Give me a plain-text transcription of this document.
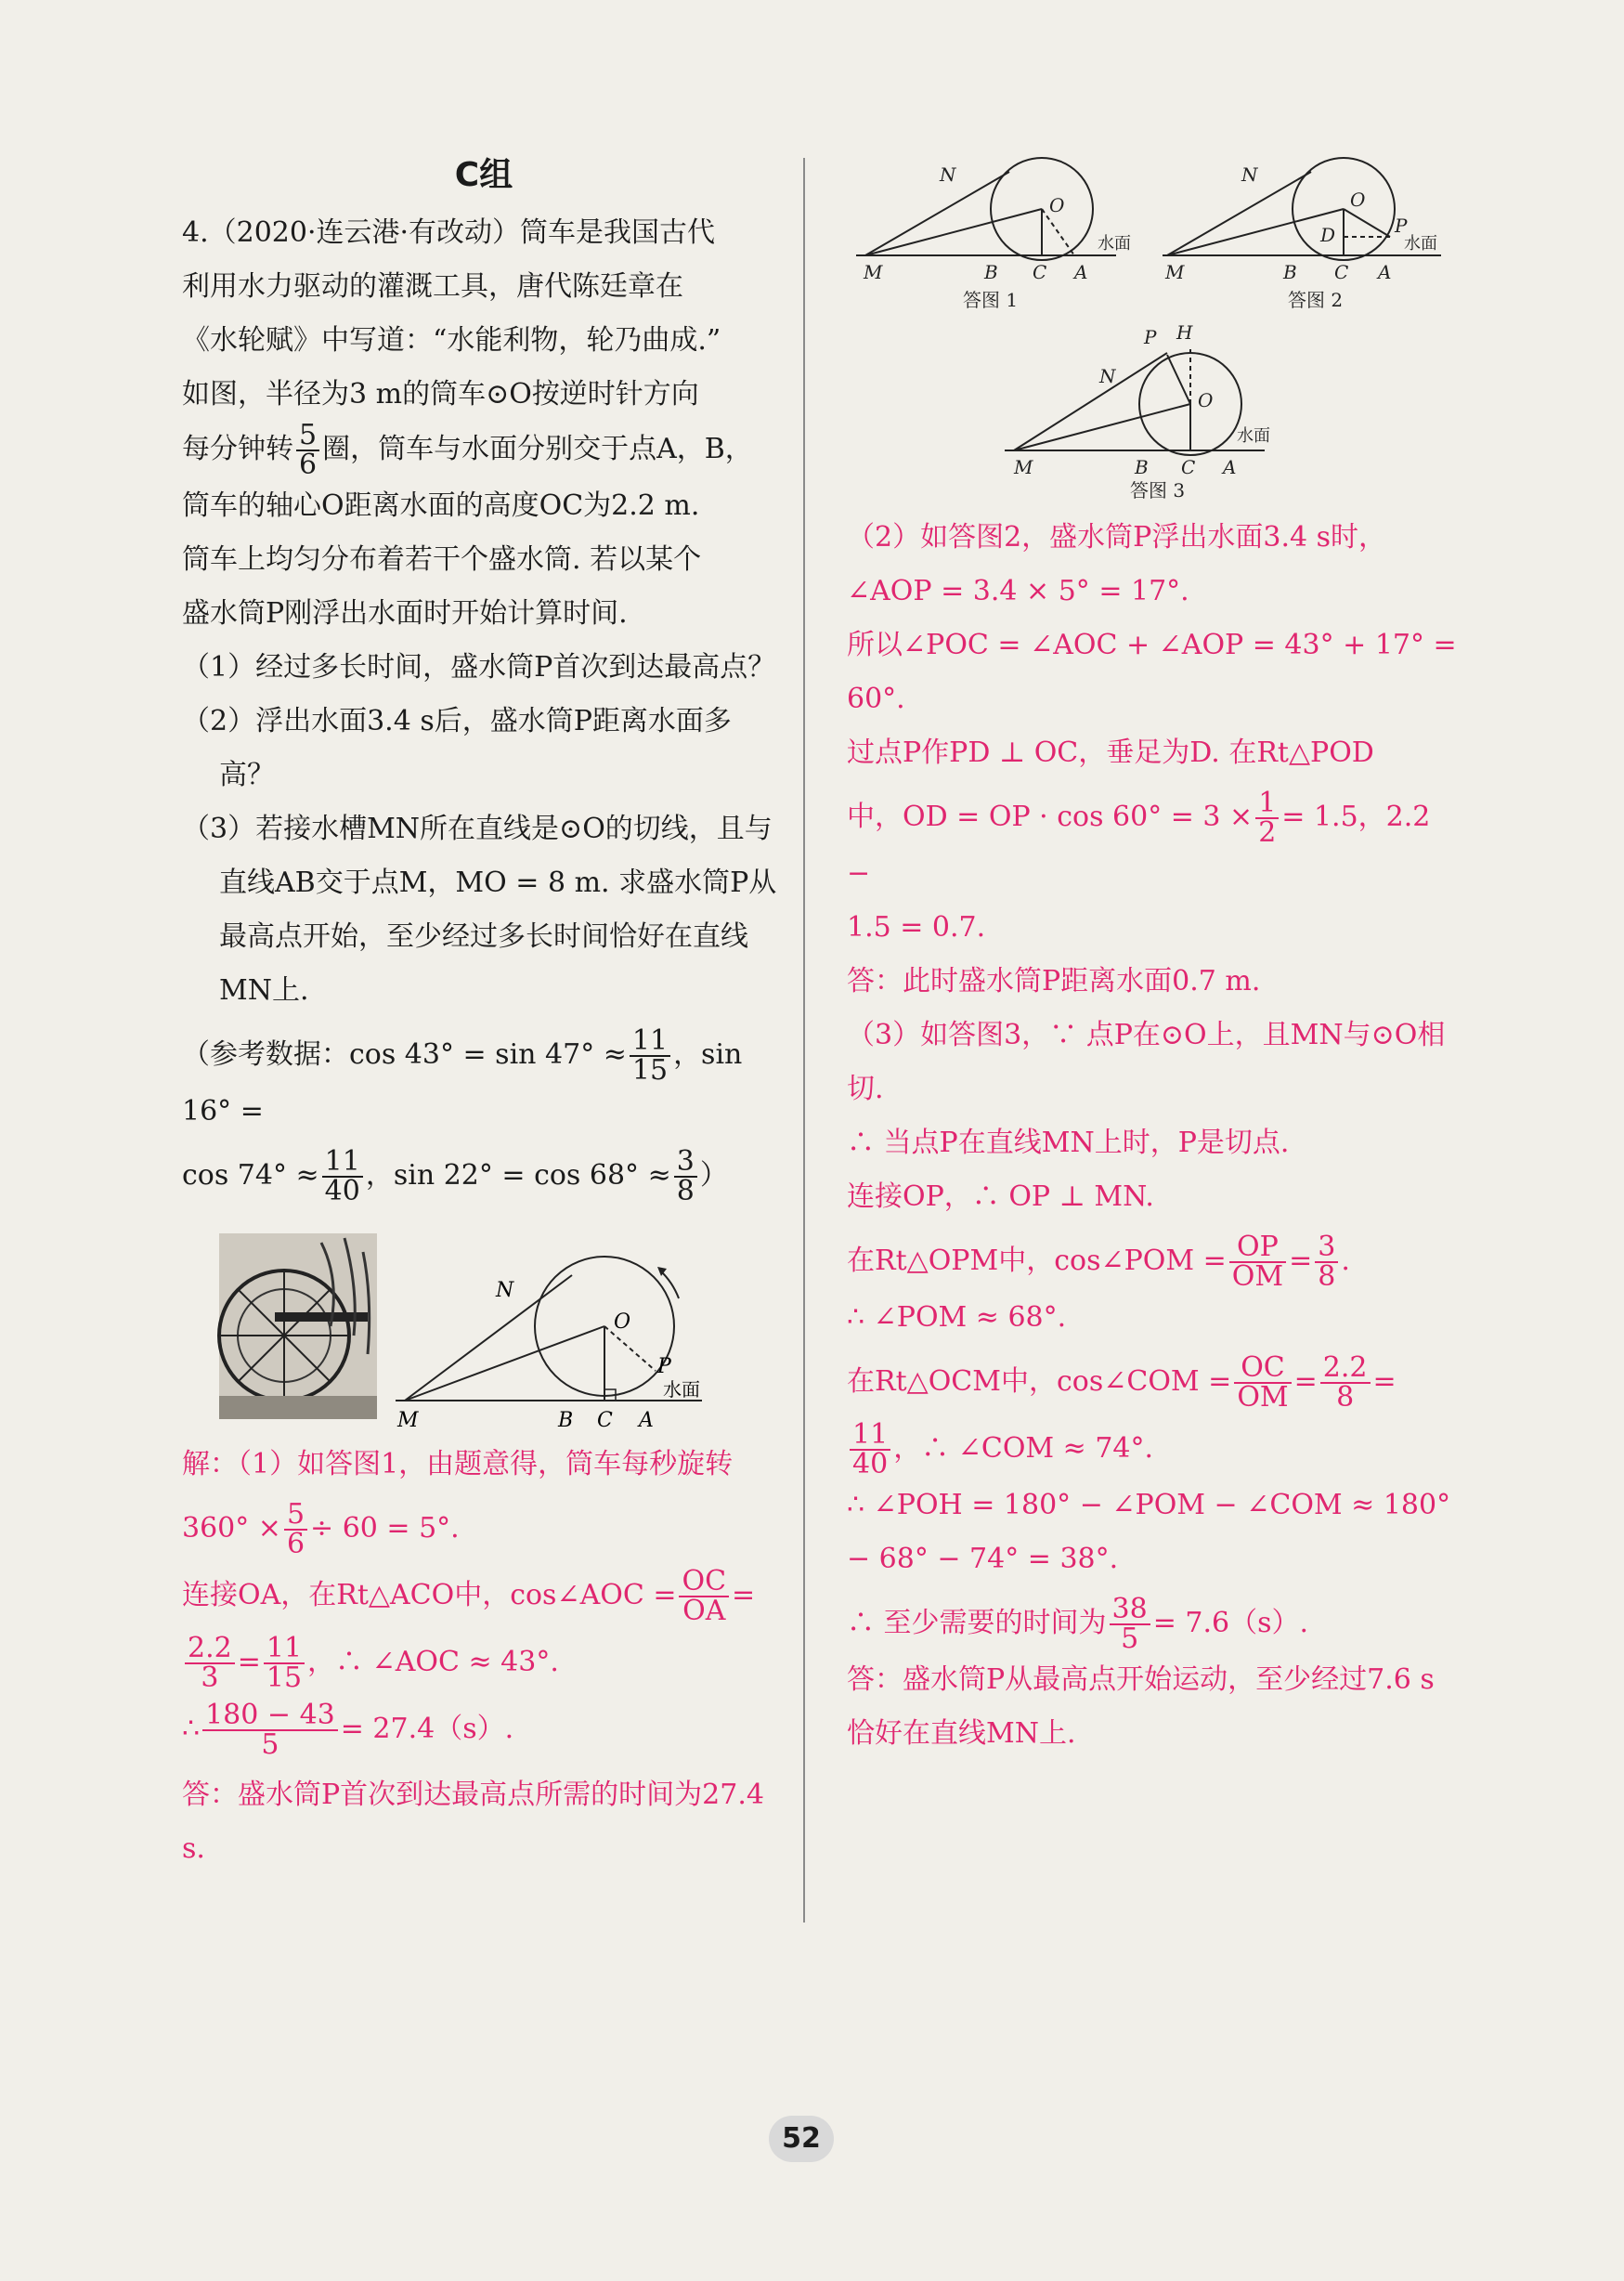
C组

4.（2020·连云港·有改动）筒车是我国古代

利用水力驱动的灌溉工具，唐代陈廷章在

《水轮赋》中写道：“水能利物，轮乃曲成.”

如图，半径为3 m的筒车⊙O按逆时针方向

每分钟转 $\frac{5}{6}$ 圈，筒车与水面分别交于点A，B，

筒车的轴心O距离水面的高度OC为2.2 m.

筒车上均匀分布着若干个盛水筒. 若以某个

盛水筒P刚浮出水面时开始计算时间.

（1）经过多长时间，盛水筒P首次到达最高点？

（2）浮出水面3.4 s后，盛水筒P距离水面多高？

（3）若接水槽MN所在直线是⊙O的切线，且与直线AB交于点M，MO = 8 m. 求盛水筒P从最高点开始，至少经过多长时间恰好在直线MN上.

（参考数据：$\cos 43^\circ = \sin 47^\circ \approx \frac{11}{15}$ ，sin 16° =

$\cos 74^\circ \approx \frac{11}{40}$ ，$\sin 22^\circ = \cos 68^\circ \approx \frac{3}{8}$ ）

N
O
P
M	B C A
水面

解：（1）如答图1，由题意得，筒车每秒旋转

$360^\circ \times \frac{5}{6} \div 60 = 5^\circ$.

连接OA，在Rt△ACO中，cos∠AOC = $\frac{OC}{OA}$ =

$\frac{2.2}{3} = \frac{11}{15}$ ，∴ ∠AOC ≈ 43°.

∴ $\frac{180 - 43}{5} = 27.4(s)$.

答：盛水筒P首次到达最高点所需的时间为27.4 s.

N
O
M	B C A
水面
答图 1
N
O
P
D
M	B C A
水面
答图 2
H
P
N
O
M	B C A
水面
答图 3

（2）如答图2，盛水筒P浮出水面3.4 s时，

∠AOP = 3.4 × 5° = 17°.

所以∠POC = ∠AOC + ∠AOP = 43° + 17° = 60°.

过点P作PD ⊥ OC，垂足为D. 在Rt△POD

中，OD = OP · $\cos 60^\circ = 3 \times \frac{1}{2} = 1.5$，2.2 −

1.5 = 0.7.

答：此时盛水筒P距离水面0.7 m.

（3）如答图3，∵ 点P在⊙O上，且MN与⊙O相切.

∴ 当点P在直线MN上时，P是切点.

连接OP，∴ OP ⊥ MN.

在Rt△OPM中，cos∠POM = $\frac{OP}{OM} = \frac{3}{8}$ .

∴ ∠POM ≈ 68°.

在Rt△OCM中，cos∠COM = $\frac{OC}{OM} = \frac{2.2}{8}$ =

$\frac{11}{40}$ ，∴ ∠COM ≈ 74°.

∴ ∠POH = 180° − ∠POM − ∠COM ≈ 180° − 68° − 74° = 38°.

∴ 至少需要的时间为 $\frac{38}{5} = 7.6(s)$.

答：盛水筒P从最高点开始运动，至少经过7.6 s恰好在直线MN上.

52
